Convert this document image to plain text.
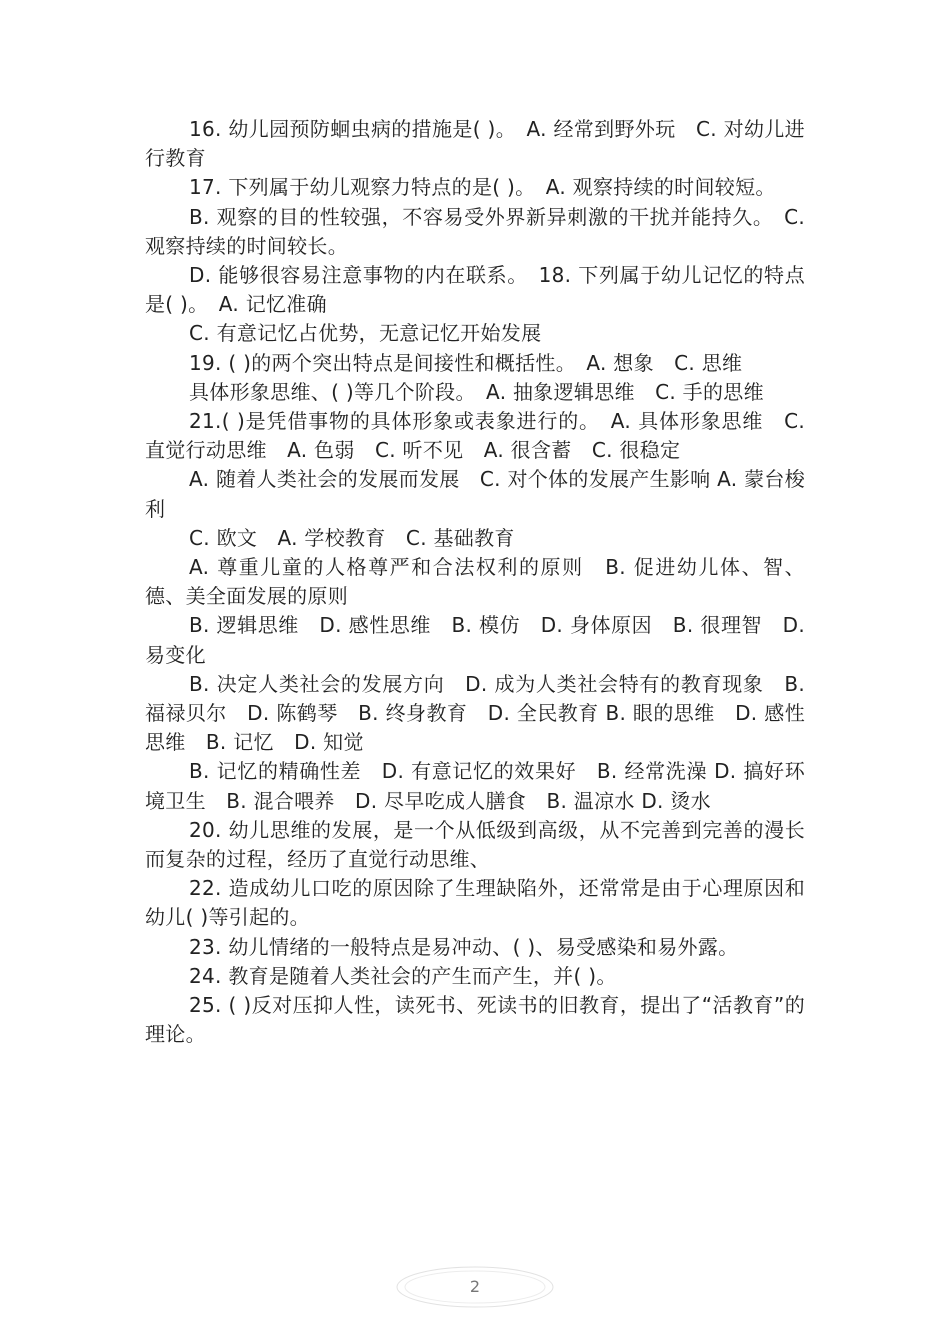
16. 幼儿园预防蛔虫病的措施是( )。　A. 经常到野外玩　C. 对幼儿进行教育

17. 下列属于幼儿观察力特点的是( )。　A. 观察持续的时间较短。

B. 观察的目的性较强，不容易受外界新异刺激的干扰并能持久。　C. 观察持续的时间较长。

D. 能够很容易注意事物的内在联系。　18. 下列属于幼儿记忆的特点是( )。　A. 记忆准确

C. 有意记忆占优势，无意记忆开始发展

19. ( )的两个突出特点是间接性和概括性。　A. 想象　C. 思维

具体形象思维、( )等几个阶段。　A. 抽象逻辑思维　C. 手的思维

21.( )是凭借事物的具体形象或表象进行的。　A. 具体形象思维　C. 直觉行动思维　A. 色弱　C. 听不见　A. 很含蓄　C. 很稳定

A. 随着人类社会的发展而发展　C. 对个体的发展产生影响 A. 蒙台梭利

C. 欧文　A. 学校教育　C. 基础教育

A. 尊重儿童的人格尊严和合法权利的原则　B. 促进幼儿体、智、德、美全面发展的原则

B. 逻辑思维　D. 感性思维　B. 模仿　D. 身体原因　B. 很理智　D. 易变化

B. 决定人类社会的发展方向　D. 成为人类社会特有的教育现象　B. 福禄贝尔　D. 陈鹤琴　B. 终身教育　D. 全民教育 B. 眼的思维　D. 感性思维　B. 记忆　D. 知觉

B. 记忆的精确性差　D. 有意记忆的效果好　B. 经常洗澡 D. 搞好环境卫生　B. 混合喂养　D. 尽早吃成人膳食　B. 温凉水 D. 烫水

20. 幼儿思维的发展，是一个从低级到高级，从不完善到完善的漫长而复杂的过程，经历了直觉行动思维、

22. 造成幼儿口吃的原因除了生理缺陷外，还常常是由于心理原因和幼儿( )等引起的。

23. 幼儿情绪的一般特点是易冲动、( )、易受感染和易外露。

24. 教育是随着人类社会的产生而产生，并( )。

25. ( )反对压抑人性，读死书、死读书的旧教育，提出了“活教育”的理论。

2
